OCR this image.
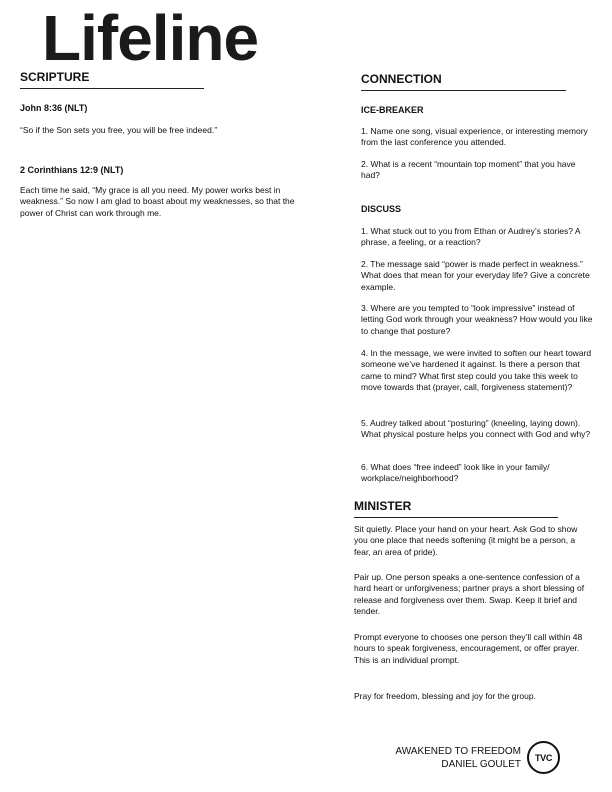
Lifeline
SCRIPTURE

John 8:36 (NLT)

“So if the Son sets you free, you will be free indeed.”

2 Corinthians 12:9 (NLT)

Each time he said, “My grace is all you need. My power works best in weakness.” So now I am glad to boast about my weaknesses, so that the power of Christ can work through me.

CONNECTION

ICE-BREAKER

1. Name one song, visual experience, or interesting memory from the last conference you attended.

2. What is a recent “mountain top moment” that you have had?

DISCUSS

1. What stuck out to you from Ethan or Audrey’s stories? A phrase, a feeling, or a reaction?

2. The message said “power is made perfect in weakness.” What does that mean for your everyday life? Give a concrete example.

3. Where are you tempted to “look impressive” instead of letting God work through your weakness? How would you like to change that posture?

4. In the message, we were invited to soften our heart toward someone we’ve hardened it against. Is there a person that came to mind? What first step could you take this week to move towards that (prayer, call, forgiveness statement)?

5. Audrey talked about “posturing” (kneeling, laying down). What physical posture helps you connect with God and why?

6. What does “free indeed” look like in your family/ workplace/neighborhood?

MINISTER

Sit quietly. Place your hand on your heart. Ask God to show you one place that needs softening (it might be a person, a fear, an area of pride).

Pair up. One person speaks a one-sentence confession of a hard heart or unforgiveness; partner prays a short blessing of release and forgiveness over them. Swap. Keep it brief and tender.

Prompt everyone to chooses one person they’ll call within 48 hours to speak forgiveness, encouragement, or offer prayer. This is an individual prompt.

Pray for freedom, blessing and joy for the group.

AWAKENED TO FREEDOM
DANIEL GOULET
TVC
